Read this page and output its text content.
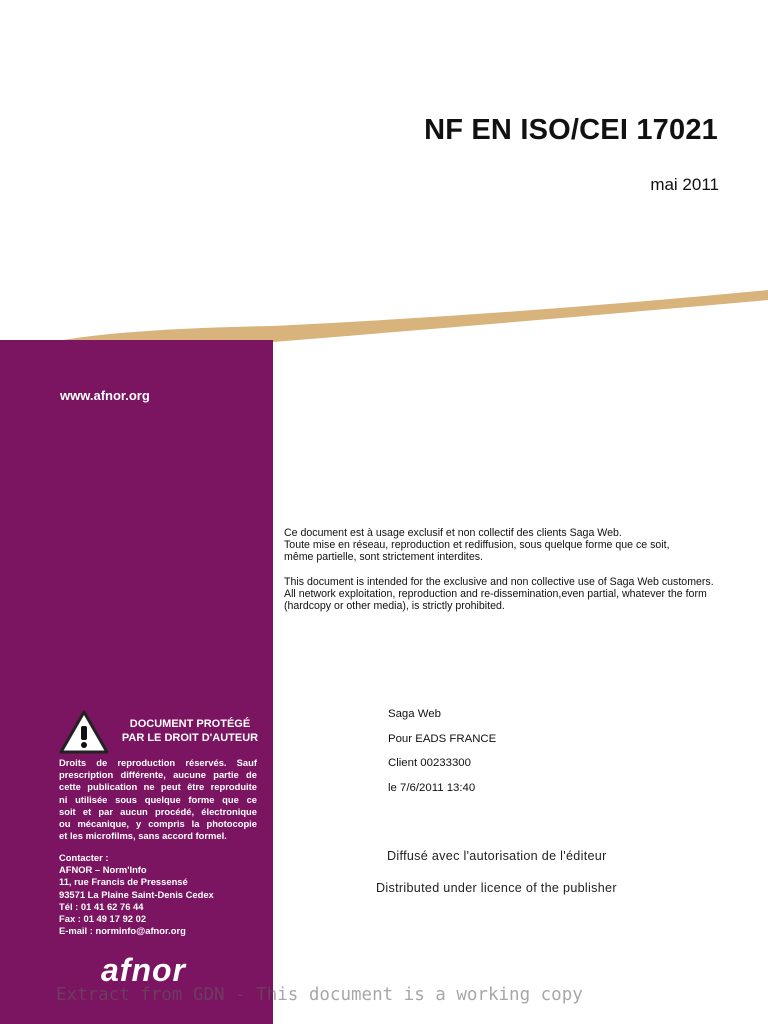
NF EN ISO/CEI 17021
mai 2011
www.afnor.org
DOCUMENT PROTÉGÉ
PAR LE DROIT D'AUTEUR
Droits de reproduction réservés. Sauf
prescription différente, aucune partie de
cette publication ne peut être reproduite
ni utilisée sous quelque forme que ce
soit et par aucun procédé, électronique
ou mécanique, y compris la photocopie
et les microfilms, sans accord formel.
Contacter :
AFNOR – Norm'Info
11, rue Francis de Pressensé
93571 La Plaine Saint-Denis Cedex
Tél : 01 41 62 76 44
Fax : 01 49 17 92 02
E-mail : norminfo@afnor.org
afnor

Ce document est à usage exclusif et non collectif des clients Saga Web.
Toute mise en réseau, reproduction et rediffusion, sous quelque forme que ce soit,
même partielle, sont strictement interdites.

This document is intended for the exclusive and non collective use of Saga Web customers.
All network exploitation, reproduction and re-dissemination,even partial, whatever the form
(hardcopy or other media), is strictly prohibited.

Saga Web
Pour EADS FRANCE
Client 00233300
le 7/6/2011 13:40
Diffusé avec l'autorisation de l'éditeur
Distributed under licence of the publisher
Extract from GDN - This document is a working copy
